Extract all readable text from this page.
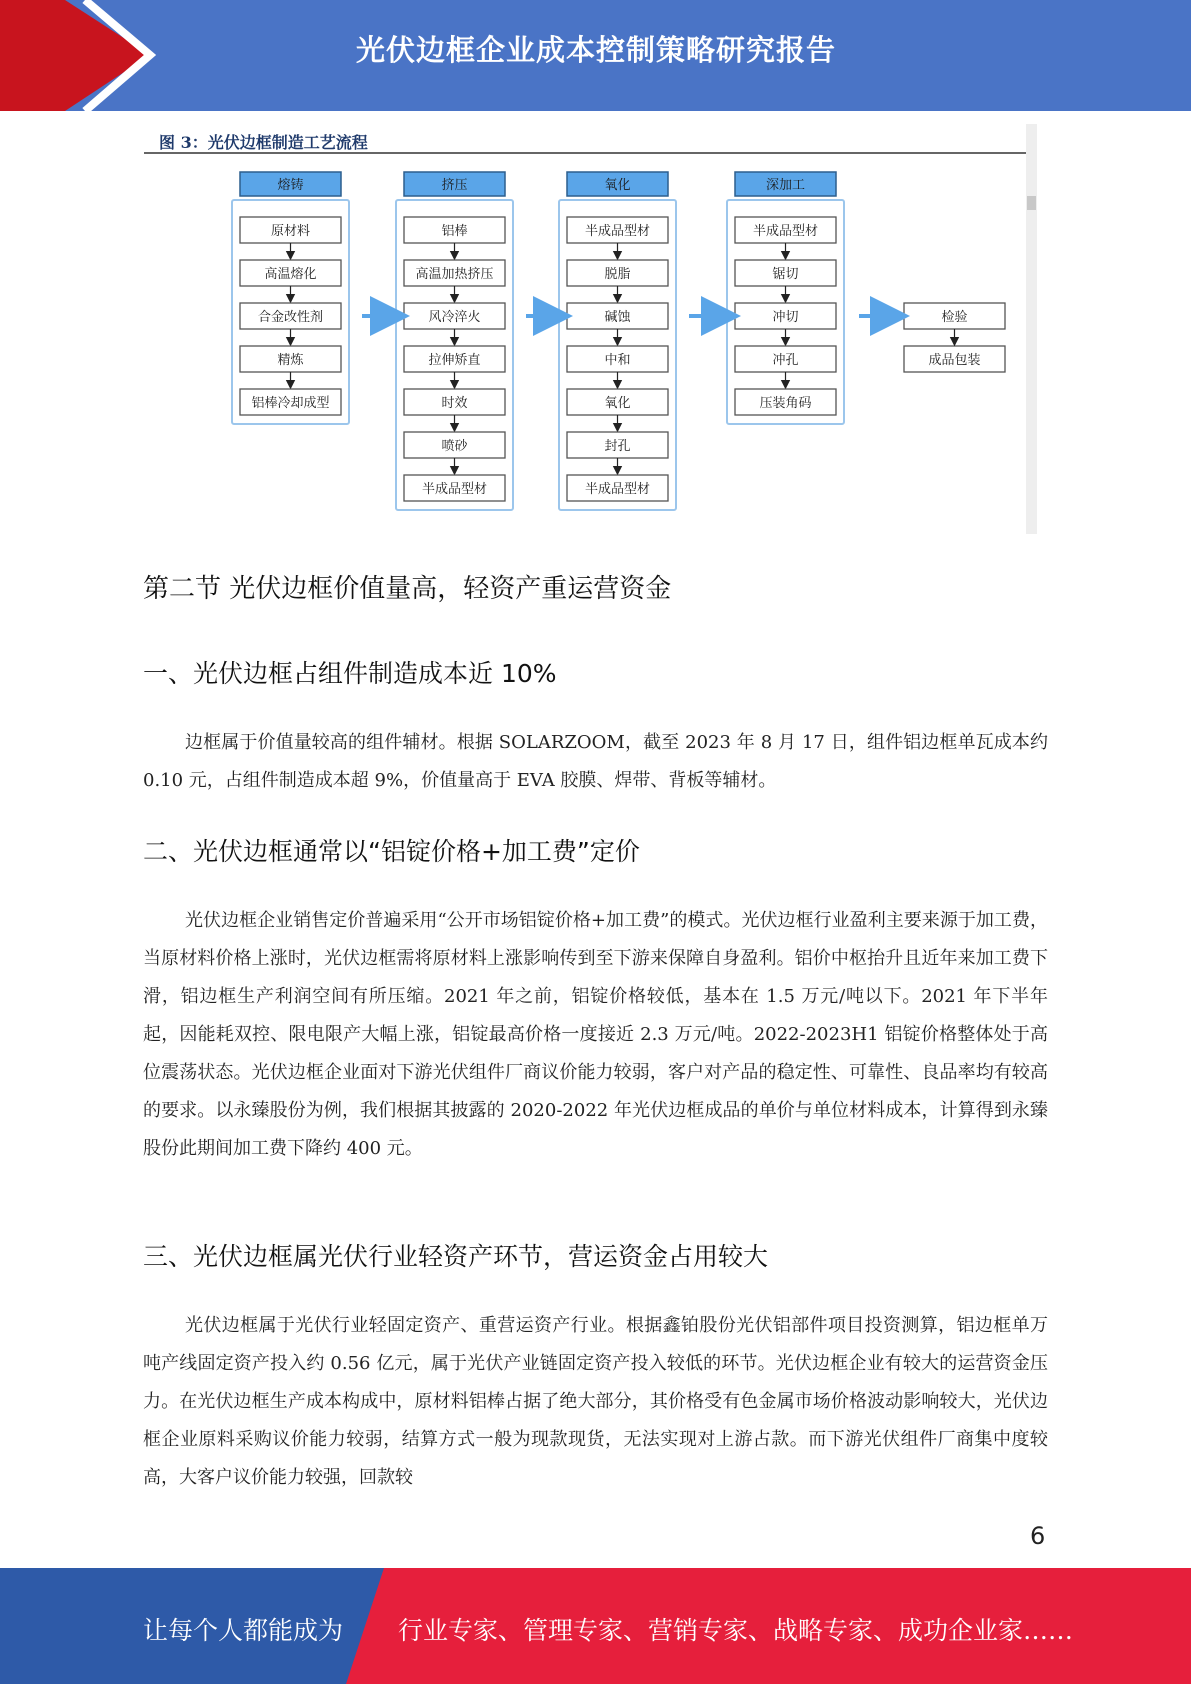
光伏边框企业成本控制策略研究报告
熔铸
原材料
高温熔化
合金改性剂
精炼
铝棒冷却成型
挤压
铝棒
高温加热挤压
风冷淬火
拉伸矫直
时效
喷砂
半成品型材
氧化
半成品型材
脱脂
碱蚀
中和
氧化
封孔
半成品型材
深加工
半成品型材
锯切
冲切
冲孔
压装角码
检验
成品包装
图 3：光伏边框制造工艺流程
第二节 光伏边框价值量高，轻资产重运营资金
一、光伏边框占组件制造成本近 10%
边框属于价值量较高的组件辅材。根据 SOLARZOOM，截至 2023 年 8 月 17 日，组件铝边框单瓦成本约 0.10 元，占组件制造成本超 9%，价值量高于 EVA 胶膜、焊带、背板等辅材。
二、光伏边框通常以“铝锭价格+加工费”定价
光伏边框企业销售定价普遍采用“公开市场铝锭价格+加工费”的模式。光伏边框行业盈利主要来源于加工费，当原材料价格上涨时，光伏边框需将原材料上涨影响传到至下游来保障自身盈利。铝价中枢抬升且近年来加工费下滑，铝边框生产利润空间有所压缩。2021 年之前，铝锭价格较低，基本在 1.5 万元/吨以下。2021 年下半年起，因能耗双控、限电限产大幅上涨，铝锭最高价格一度接近 2.3 万元/吨。2022-2023H1 铝锭价格整体处于高位震荡状态。光伏边框企业面对下游光伏组件厂商议价能力较弱，客户对产品的稳定性、可靠性、良品率均有较高的要求。以永臻股份为例，我们根据其披露的 2020-2022 年光伏边框成品的单价与单位材料成本，计算得到永臻股份此期间加工费下降约 400 元。
三、光伏边框属光伏行业轻资产环节，营运资金占用较大
光伏边框属于光伏行业轻固定资产、重营运资产行业。根据鑫铂股份光伏铝部件项目投资测算，铝边框单万吨产线固定资产投入约 0.56 亿元，属于光伏产业链固定资产投入较低的环节。光伏边框企业有较大的运营资金压力。在光伏边框生产成本构成中，原材料铝棒占据了绝大部分，其价格受有色金属市场价格波动影响较大，光伏边框企业原料采购议价能力较弱，结算方式一般为现款现货，无法实现对上游占款。而下游光伏组件厂商集中度较高，大客户议价能力较强，回款较
6
让每个人都能成为 行业专家、管理专家、营销专家、战略专家、成功企业家……
